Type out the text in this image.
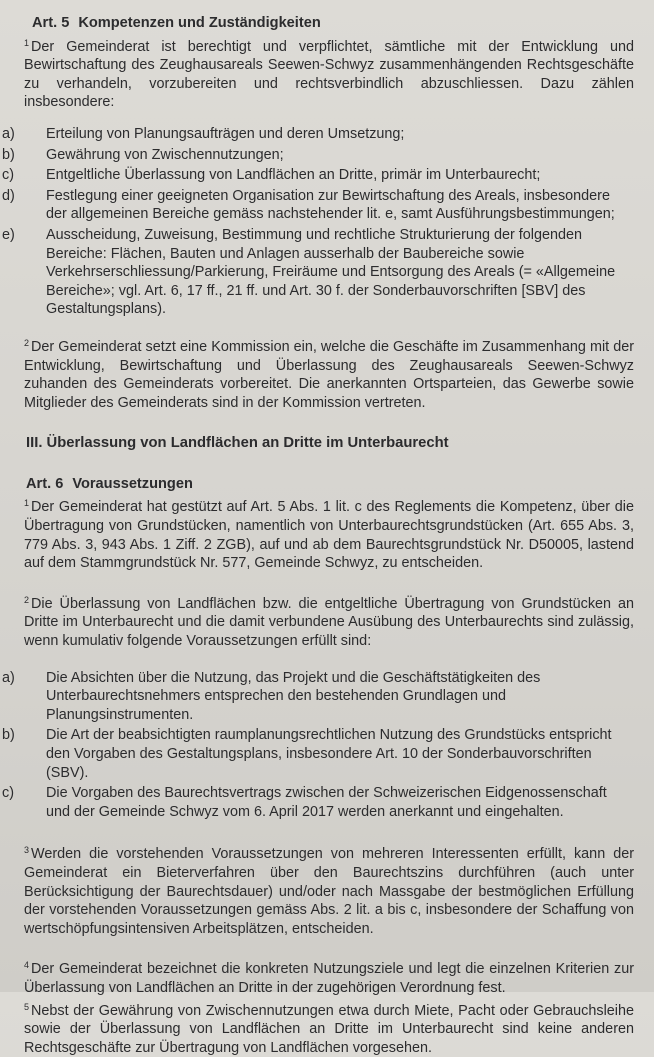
Art. 5 Kompetenzen und Zuständigkeiten

$^1$ Der Gemeinderat ist berechtigt und verpflichtet, sämtliche mit der Entwicklung und Bewirtschaftung des Zeughausareals Seewen-Schwyz zusammenhängenden Rechtsgeschäfte zu verhandeln, vorzubereiten und rechtsverbindlich abzuschliessen. Dazu zählen insbesondere:

a) Erteilung von Planungsaufträgen und deren Umsetzung;
b) Gewährung von Zwischennutzungen;
c) Entgeltliche Überlassung von Landflächen an Dritte, primär im Unterbaurecht;
d) Festlegung einer geeigneten Organisation zur Bewirtschaftung des Areals, insbesondere der allgemeinen Bereiche gemäss nachstehender lit. e, samt Ausführungsbestimmungen;
e) Ausscheidung, Zuweisung, Bestimmung und rechtliche Strukturierung der folgenden Bereiche: Flächen, Bauten und Anlagen ausserhalb der Baubereiche sowie Verkehrserschliessung/Parkierung, Freiräume und Entsorgung des Areals (= «Allgemeine Bereiche»; vgl. Art. 6, 17 ff., 21 ff. und Art. 30 f. der Sonderbauvorschriften [SBV] des Gestaltungsplans).

$^2$ Der Gemeinderat setzt eine Kommission ein, welche die Geschäfte im Zusammenhang mit der Entwicklung, Bewirtschaftung und Überlassung des Zeughausareals Seewen-Schwyz zuhanden des Gemeinderats vorbereitet. Die anerkannten Ortsparteien, das Gewerbe sowie Mitglieder des Gemeinderats sind in der Kommission vertreten.

III. Überlassung von Landflächen an Dritte im Unterbaurecht
Art. 6 Voraussetzungen

$^1$ Der Gemeinderat hat gestützt auf Art. 5 Abs. 1 lit. c des Reglements die Kompetenz, über die Übertragung von Grundstücken, namentlich von Unterbaurechtsgrundstücken (Art. 655 Abs. 3, 779 Abs. 3, 943 Abs. 1 Ziff. 2 ZGB), auf und ab dem Baurechtsgrundstück Nr. D50005, lastend auf dem Stammgrundstück Nr. 577, Gemeinde Schwyz, zu entscheiden.

$^2$ Die Überlassung von Landflächen bzw. die entgeltliche Übertragung von Grundstücken an Dritte im Unterbaurecht und die damit verbundene Ausübung des Unterbaurechts sind zulässig, wenn kumulativ folgende Voraussetzungen erfüllt sind:

a) Die Absichten über die Nutzung, das Projekt und die Geschäftstätigkeiten des Unterbaurechtsnehmers entsprechen den bestehenden Grundlagen und Planungsinstrumenten.
b) Die Art der beabsichtigten raumplanungsrechtlichen Nutzung des Grundstücks entspricht den Vorgaben des Gestaltungsplans, insbesondere Art. 10 der Sonderbauvorschriften (SBV).
c) Die Vorgaben des Baurechtsvertrags zwischen der Schweizerischen Eidgenossenschaft und der Gemeinde Schwyz vom 6. April 2017 werden anerkannt und eingehalten.

$^3$ Werden die vorstehenden Voraussetzungen von mehreren Interessenten erfüllt, kann der Gemeinderat ein Bieterverfahren über den Baurechtszins durchführen (auch unter Berücksichtigung der Baurechtsdauer) und/oder nach Massgabe der bestmöglichen Erfüllung der vorstehenden Voraussetzungen gemäss Abs. 2 lit. a bis c, insbesondere der Schaffung von wertschöpfungsintensiven Arbeitsplätzen, entscheiden.

$^4$ Der Gemeinderat bezeichnet die konkreten Nutzungsziele und legt die einzelnen Kriterien zur Überlassung von Landflächen an Dritte in der zugehörigen Verordnung fest.

$^5$ Nebst der Gewährung von Zwischennutzungen etwa durch Miete, Pacht oder Gebrauchsleihe sowie der Überlassung von Landflächen an Dritte im Unterbaurecht sind keine anderen Rechtsgeschäfte zur Übertragung von Landflächen vorgesehen.
